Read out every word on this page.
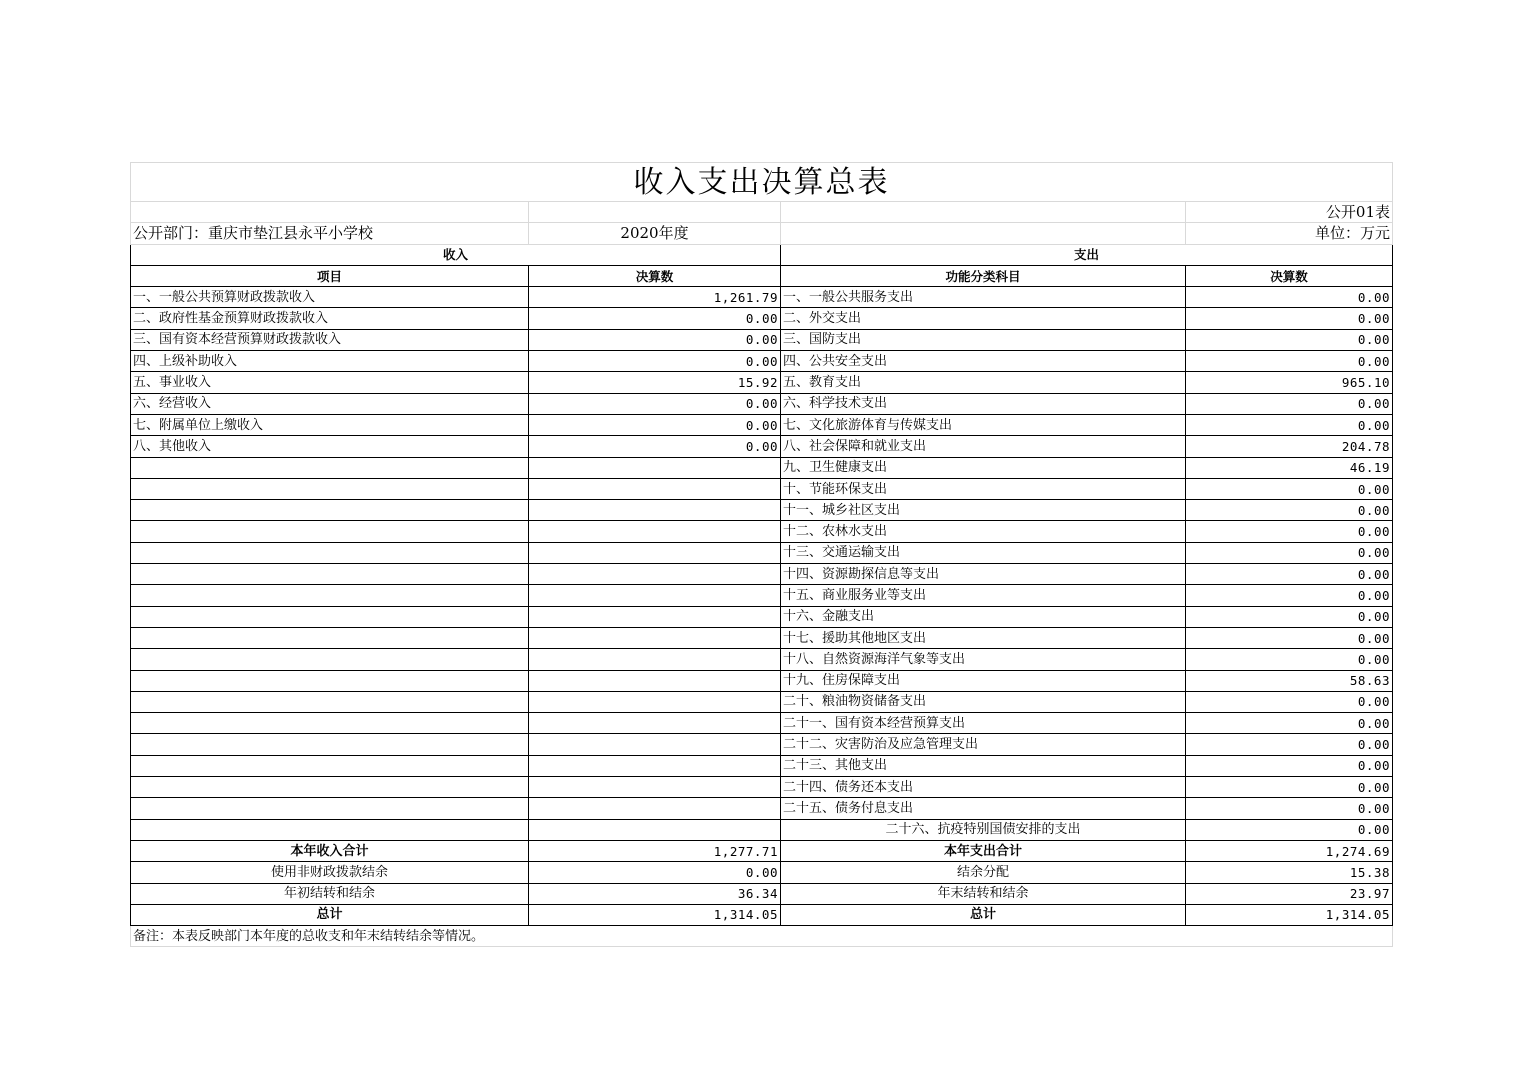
收入支出决算总表			
			公开01表
公开部门：重庆市垫江县永平小学校	2020年度		单位：万元
收入		支出	
项目	决算数	功能分类科目	决算数
一、一般公共预算财政拨款收入	1,261.79	一、一般公共服务支出	0.00
二、政府性基金预算财政拨款收入	0.00	二、外交支出	0.00
三、国有资本经营预算财政拨款收入	0.00	三、国防支出	0.00
四、上级补助收入	0.00	四、公共安全支出	0.00
五、事业收入	15.92	五、教育支出	965.10
六、经营收入	0.00	六、科学技术支出	0.00
七、附属单位上缴收入	0.00	七、文化旅游体育与传媒支出	0.00
八、其他收入	0.00	八、社会保障和就业支出	204.78
		九、卫生健康支出	46.19
		十、节能环保支出	0.00
		十一、城乡社区支出	0.00
		十二、农林水支出	0.00
		十三、交通运输支出	0.00
		十四、资源勘探信息等支出	0.00
		十五、商业服务业等支出	0.00
		十六、金融支出	0.00
		十七、援助其他地区支出	0.00
		十八、自然资源海洋气象等支出	0.00
		十九、住房保障支出	58.63
		二十、粮油物资储备支出	0.00
		二十一、国有资本经营预算支出	0.00
		二十二、灾害防治及应急管理支出	0.00
		二十三、其他支出	0.00
		二十四、债务还本支出	0.00
		二十五、债务付息支出	0.00
		二十六、抗疫特别国债安排的支出	0.00
本年收入合计	1,277.71	本年支出合计	1,274.69
使用非财政拨款结余	0.00	结余分配	15.38
年初结转和结余	36.34	年末结转和结余	23.97
总计	1,314.05	总计	1,314.05
备注：本表反映部门本年度的总收支和年末结转结余等情况。			
